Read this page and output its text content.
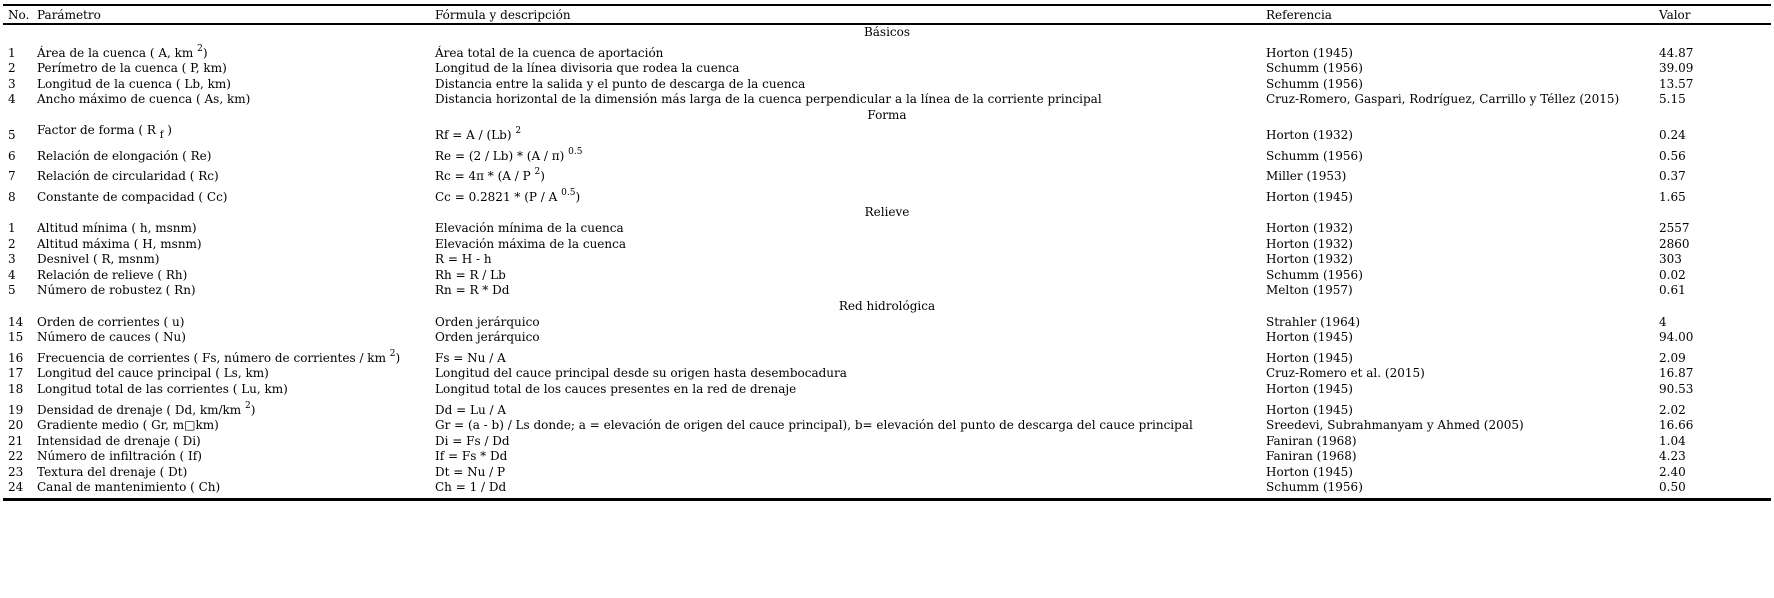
No. Parámetro	Fórmula y descripción	Referencia	Valor
Básicos
1 Área de la cuenca ( A, km $^2$)	Área total de la cuenca de aportación	Horton (1945)	44.87
2 Perímetro de la cuenca ( P, km)	Longitud de la línea divisoria que rodea la cuenca	Schumm (1956)	39.09
3 Longitud de la cuenca ( Lb, km)	Distancia entre la salida y el punto de descarga de la cuenca	Schumm (1956)	13.57
4 Ancho máximo de cuenca ( As, km)	Distancia horizontal de la dimensión más larga de la cuenca perpendicular a la línea de la corriente principal	Cruz-Romero, Gaspari, Rodríguez, Carrillo y Téllez (2015)	5.15
Forma
5 Factor de forma ( R $_f$ )	Rf = A / (Lb) $^2$	Horton (1932)	0.24
6 Relación de elongación ( Re)	Re = (2 / Lb) * (A / π) $^{0.5}$	Schumm (1956)	0.56
7 Relación de circularidad ( Rc)	Rc = 4π * (A / P $^2$)	Miller (1953)	0.37
8 Constante de compacidad ( Cc)	Cc = 0.2821 * (P / A $^{0.5}$)	Horton (1945)	1.65
Relieve
1 Altitud mínima ( h, msnm)	Elevación mínima de la cuenca	Horton (1932)	2557
2 Altitud máxima ( H, msnm)	Elevación máxima de la cuenca	Horton (1932)	2860
3 Desnivel ( R, msnm)	R = H - h	Horton (1932)	303
4 Relación de relieve ( Rh)	Rh = R / Lb	Schumm (1956)	0.02
5 Número de robustez ( Rn)	Rn = R * Dd	Melton (1957)	0.61
Red hidrológica
14 Orden de corrientes ( u)	Orden jerárquico	Strahler (1964)	4
15 Número de cauces ( Nu)	Orden jerárquico	Horton (1945)	94.00
16 Frecuencia de corrientes ( Fs, número de corrientes / km $^2$)	Fs = Nu / A	Horton (1945)	2.09
17 Longitud del cauce principal ( Ls, km)	Longitud del cauce principal desde su origen hasta desembocadura	Cruz-Romero et al. (2015)	16.87
18 Longitud total de las corrientes ( Lu, km)	Longitud total de los cauces presentes en la red de drenaje	Horton (1945)	90.53
19 Densidad de drenaje ( Dd, km/km $^2$)	Dd = Lu / A	Horton (1945)	2.02
20 Gradiente medio ( Gr, m□km)	Gr = (a - b) / Ls donde; a = elevación de origen del cauce principal), b= elevación del punto de descarga del cauce principal	Sreedevi, Subrahmanyam y Ahmed (2005)	16.66
21 Intensidad de drenaje ( Di)	Di = Fs / Dd	Faniran (1968)	1.04
22 Número de infiltración ( If)	If = Fs * Dd	Faniran (1968)	4.23
23 Textura del drenaje ( Dt)	Dt = Nu / P	Horton (1945)	2.40
24 Canal de mantenimiento ( Ch)	Ch = 1 / Dd	Schumm (1956)	0.50
